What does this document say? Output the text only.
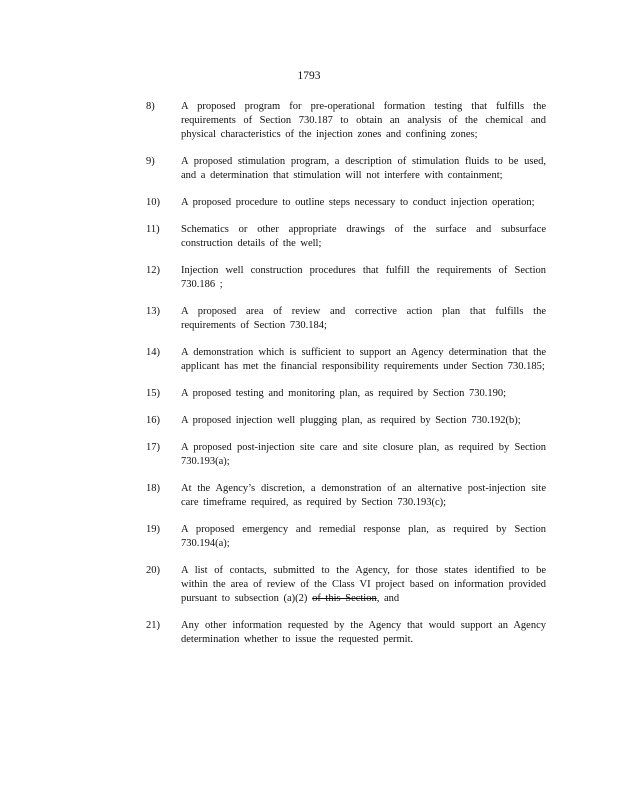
1793
8)	A proposed program for pre-operational formation testing that fulfills the requirements of Section 730.187 to obtain an analysis of the chemical and physical characteristics of the injection zones and confining zones;
9)	A proposed stimulation program, a description of stimulation fluids to be used, and a determination that stimulation will not interfere with containment;
10)	A proposed procedure to outline steps necessary to conduct injection operation;
11)	Schematics or other appropriate drawings of the surface and subsurface construction details of the well;
12)	Injection well construction procedures that fulfill the requirements of Section 730.186 ;
13)	A proposed area of review and corrective action plan that fulfills the requirements of Section 730.184;
14)	A demonstration which is sufficient to support an Agency determination that the applicant has met the financial responsibility requirements under Section 730.185;
15)	A proposed testing and monitoring plan, as required by Section 730.190;
16)	A proposed injection well plugging plan, as required by Section 730.192(b);
17)	A proposed post-injection site care and site closure plan, as required by Section 730.193(a);
18)	At the Agency’s discretion, a demonstration of an alternative post-injection site care timeframe required, as required by Section 730.193(c);
19)	A proposed emergency and remedial response plan, as required by Section 730.194(a);
20)	A list of contacts, submitted to the Agency, for those states identified to be within the area of review of the Class VI project based on information provided pursuant to subsection (a)(2) of this Section, and
21)	Any other information requested by the Agency that would support an Agency determination whether to issue the requested permit.
